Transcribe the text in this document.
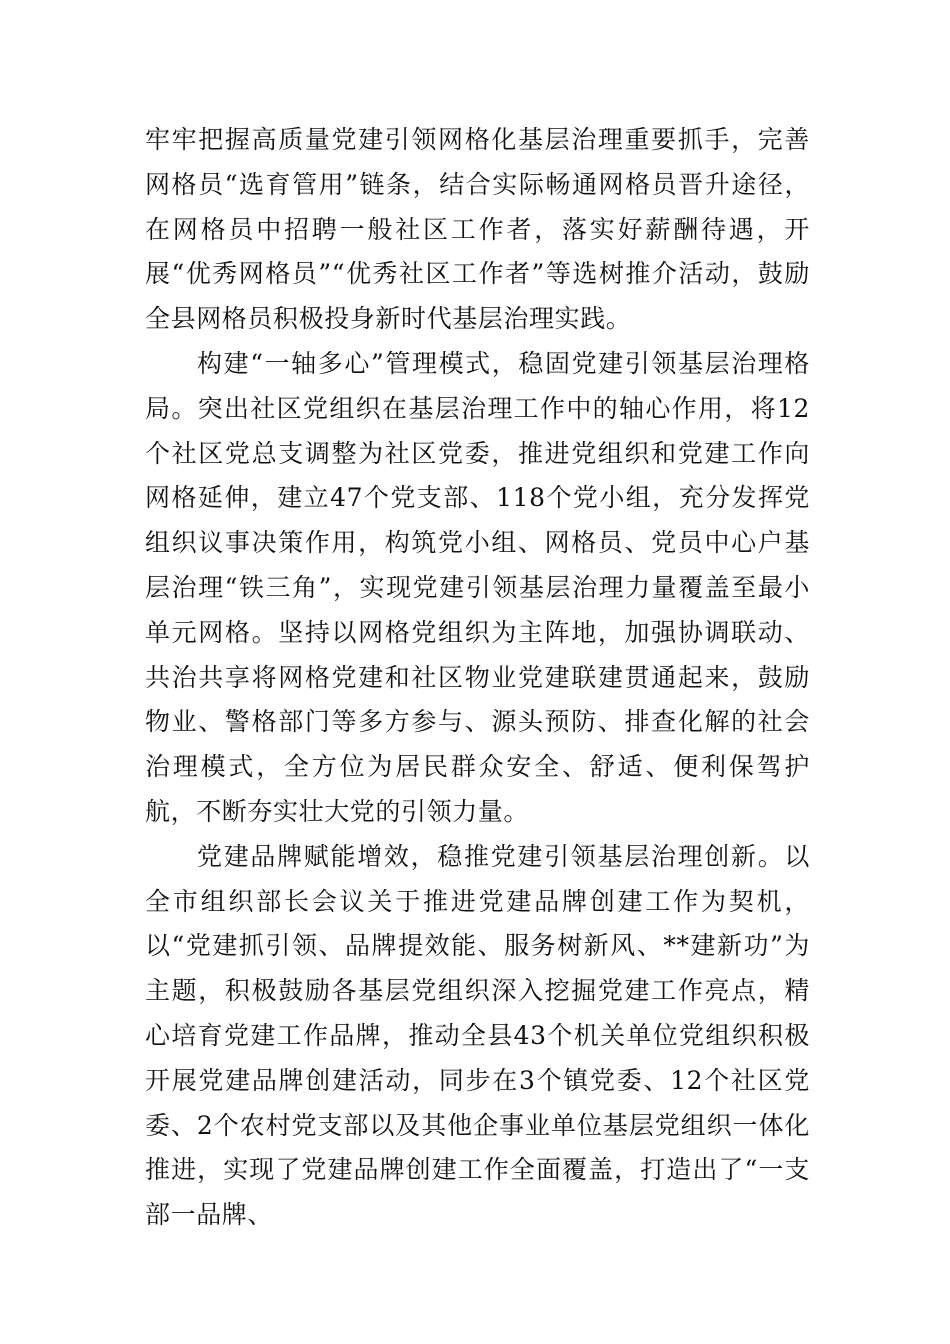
牢牢把握高质量党建引领网格化基层治理重要抓手，完善网格员“选育管用”链条，结合实际畅通网格员晋升途径，在网格员中招聘一般社区工作者，落实好薪酬待遇，开展“优秀网格员”“优秀社区工作者”等选树推介活动，鼓励全县网格员积极投身新时代基层治理实践。

构建“一轴多心”管理模式，稳固党建引领基层治理格局。突出社区党组织在基层治理工作中的轴心作用，将12个社区党总支调整为社区党委，推进党组织和党建工作向网格延伸，建立47个党支部、118个党小组，充分发挥党组织议事决策作用，构筑党小组、网格员、党员中心户基层治理“铁三角”，实现党建引领基层治理力量覆盖至最小单元网格。坚持以网格党组织为主阵地，加强协调联动、共治共享将网格党建和社区物业党建联建贯通起来，鼓励物业、警格部门等多方参与、源头预防、排查化解的社会治理模式，全方位为居民群众安全、舒适、便利保驾护航，不断夯实壮大党的引领力量。

党建品牌赋能增效，稳推党建引领基层治理创新。以全市组织部长会议关于推进党建品牌创建工作为契机，以“党建抓引领、品牌提效能、服务树新风、**建新功”为主题，积极鼓励各基层党组织深入挖掘党建工作亮点，精心培育党建工作品牌，推动全县43个机关单位党组织积极开展党建品牌创建活动，同步在3个镇党委、12个社区党委、2个农村党支部以及其他企事业单位基层党组织一体化推进，实现了党建品牌创建工作全面覆盖，打造出了“一支部一品牌、
